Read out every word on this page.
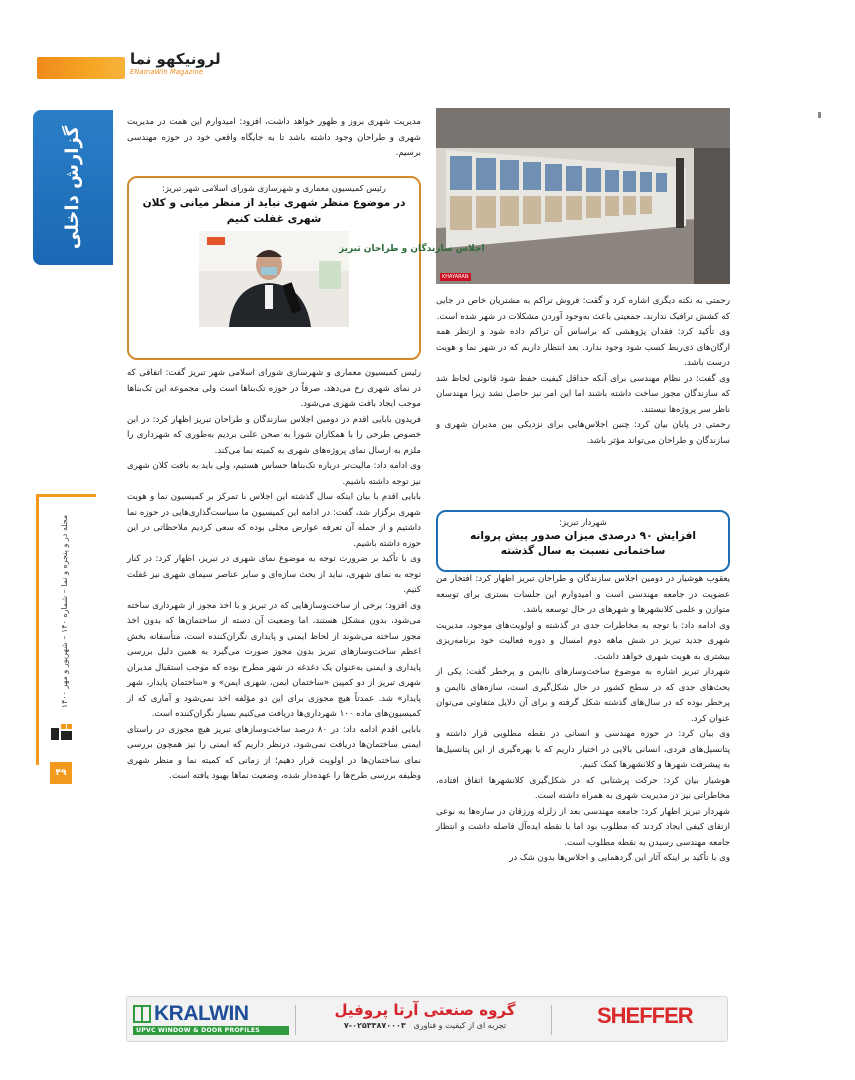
لرونیکهو نما
ENamaWin Magazine
گزارش داخلی
مجله در و پنجره و نما – شماره ۱۴۰ – شهریور و مهر ۱۴۰۰
۴۹
KHAYARAN

رحمتی به نکته دیگری اشاره کرد و گفت: فروش تراکم به مشتریان خاص در جایی که کشش ترافیک ندارند، جمعیتی باعث به‌وجود آوردن مشکلات در شهر شده است.

وی تأکید کرد: فقدان پژوهشی که براساس آن تراکم داده شود و ازنظر همه ارگان‌های ذی‌ربط کسب شود وجود ندارد. بعد انتظار داریم که در شهر نما و هویت درست باشد.

وی گفت: در نظام مهندسی برای آنکه حداقل کیفیت حفظ شود قانونی لحاظ شد که سازندگان مجوز ساخت داشته باشند اما این امر نیز حاصل نشد زیرا مهندسان ناظر سر پروژه‌ها نیستند.

رحمتی در پایان بیان کرد: چنین اجلاس‌هایی برای نزدیکی بین مدیران شهری و سازندگان و طراحان می‌تواند مؤثر باشد.

شهردار تبریز:
افزایش ۹۰ درصدی میزان صدور پیش پروانه ساختمانی نسبت به سال گذشته

یعقوب هوشیار در دومین اجلاس سازندگان و طراحان تبریز اظهار کرد: افتخار من عضویت در جامعه مهندسی است و امیدوارم این جلسات بستری برای توسعه متوازن و علمی کلانشهرها و شهرهای در حال توسعه باشد.

وی ادامه داد: با توجه به مخاطرات جدی در گذشته و اولویت‌های موجود، مدیریت شهری جدید تبریز در شش ماهه دوم امسال و دوره فعالیت خود برنامه‌ریزی بیشتری به هویت شهری خواهد داشت.

شهردار تبریز اشاره به موضوع ساخت‌وسازهای ناایمن و پرخطر گفت: یکی از بحث‌های جدی که در سطح کشور در حال شکل‌گیری است، سازه‌های ناایمن و پرخطر بوده که در سال‌های گذشته شکل گرفته و برای آن دلایل متفاوتی می‌توان عنوان کرد.

وی بیان کرد: در حوزه مهندسی و انسانی در نقطه مطلوبی قرار داشته و پتانسیل‌های فردی، انسانی بالایی در اختیار داریم که با بهره‌گیری از این پتانسیل‌ها به پیشرفت شهرها و کلانشهرها کمک کنیم.

هوشیار بیان کرد: حرکت پرشتابی که در شکل‌گیری کلانشهرها اتفاق افتاده، مخاطراتی نیز در مدیریت شهری به همراه داشته است.

شهردار تبریز اظهار کرد: جامعه مهندسی بعد از زلزله ورزقان در سازه‌ها به نوعی ارتقای کیفی ایجاد کردند که مطلوب بود اما با نقطه ایده‌آل فاصله داشت و انتظار جامعه مهندسی رسیدن به نقطه مطلوب است.

وی با تأکید بر اینکه آثار این گردهمایی و اجلاس‌ها بدون شک در

مدیریت شهری بروز و ظهور خواهد داشت، افزود: امیدوارم این همت در مدیریت شهری و طراحان وجود داشته باشد تا به جایگاه واقعی خود در حوزه مهندسی برسیم.

رئیس کمیسیون معماری و شهرسازی شورای اسلامی شهر تبریز:
در موضوع منظر شهری نباید از منظر میانی و کلان شهری غفلت کنیم
اجلاس سازندگان و طراحان تبریز

رئیس کمیسیون معماری و شهرسازی شورای اسلامی شهر تبریز گفت: اتفاقی که در نمای شهری رخ می‌دهد، صرفاً در حوزه تک‌بناها است ولی مجموعه این تک‌بناها موجب ایجاد بافت شهری می‌شود.

فریدون بابایی اقدم در دومین اجلاس سازندگان و طراحان تبریز اظهار کرد: در این خصوص طرحی را با همکاران شورا به صحن علنی بردیم به‌طوری که شهرداری را ملزم به ارسال نمای پروژه‌های شهری به کمیته نما می‌کند.

وی ادامه داد: مالیت‌تر درباره تک‌بناها حساس هستیم، ولی باید به بافت کلان شهری نیز توجه داشته باشیم.

بابایی اقدم با بیان اینکه سال گذشته این اجلاس با تمرکز بر کمیسیون نما و هویت شهری برگزار شد، گفت: در ادامه این کمیسیون ما سیاست‌گذاری‌هایی در حوزه نما داشتیم و از جمله آن تعرفه عوارض محلی بوده که سعی کردیم ملاحظاتی در این حوزه داشته باشیم.

وی با تأکید بر ضرورت توجه به موضوع نمای شهری در تبریز، اظهار کرد: در کنار توجه به نمای شهری، نباید از بحث سازه‌ای و سایر عناصر سیمای شهری نیز غفلت کنیم.

وی افزود: برخی از ساخت‌وسازهایی که در تبریز و با اخذ مجوز از شهرداری ساخته می‌شود، بدون مشکل هستند، اما وضعیت آن دسته از ساختمان‌ها که بدون اخذ مجوز ساخته می‌شوند از لحاظ ایمنی و پایداری نگران‌کننده است، متأسفانه بخش اعظم ساخت‌وسازهای تبریز بدون مجوز صورت می‌گیرد به همین دلیل بررسی پایداری و ایمنی به‌عنوان یک دغدغه در شهر مطرح بوده که موجب استقبال مدیران شهری تبریز از دو کمپین «ساختمان ایمن، شهری ایمن» و «ساختمان پایدار، شهر پایدار» شد. عمدتاً هیچ مجوزی برای این دو مؤلفه اخذ نمی‌شود و آماری که از کمیسیون‌های ماده ۱۰۰ شهرداری‌ها دریافت می‌کنیم بسیار نگران‌کننده است.

بابایی اقدم ادامه داد: در ۸۰ درصد ساخت‌وسازهای تبریز هیچ مجوزی در راستای ایمنی ساختمان‌ها دریافت نمی‌شود، درنظر داریم که ایمنی را نیز همچون بررسی نمای ساختمان‌ها در اولویت قرار دهیم؛ از زمانی که کمیته نما و منظر شهری وظیفه بررسی طرح‌ها را عهده‌دار شده، وضعیت نماها بهبود یافته است.

KRALWIN
UPVC WINDOW & DOOR PROFILES
گروه صنعتی آرتا پروفیل
تجربه ای از کیفیت و فناوری   ۰۲۵۳۳۸۷۰۰۰۳-۷	SHEFFER
